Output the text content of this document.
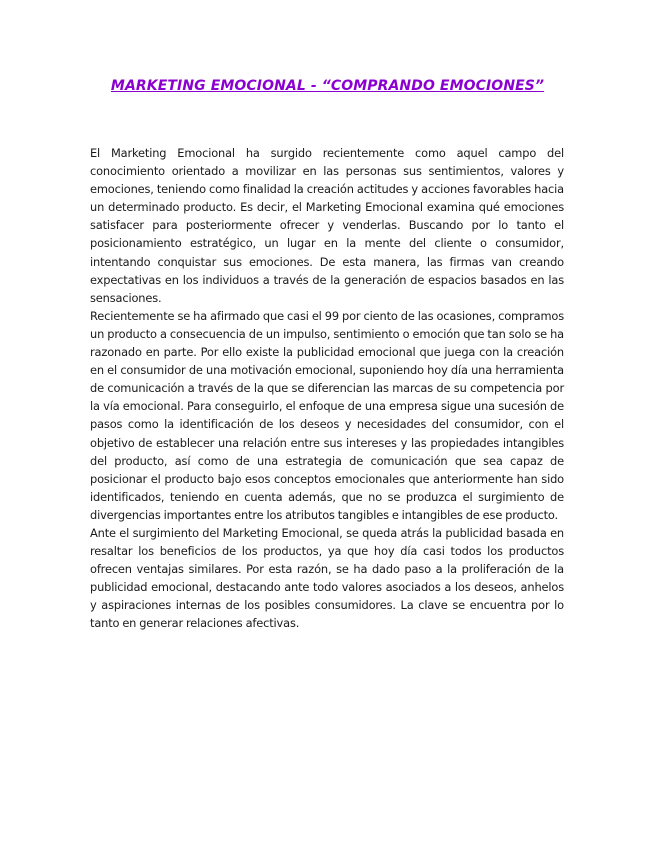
MARKETING EMOCIONAL - “COMPRANDO EMOCIONES”

El Marketing Emocional ha surgido recientemente como aquel campo del conocimiento orientado a movilizar en las personas sus sentimientos, valores y emociones, teniendo como finalidad la creación actitudes y acciones favorables hacia un determinado producto. Es decir, el Marketing Emocional examina qué emociones satisfacer para posteriormente ofrecer y venderlas. Buscando por lo tanto el posicionamiento estratégico, un lugar en la mente del cliente o consumidor, intentando conquistar sus emociones. De esta manera, las firmas van creando expectativas en los individuos a través de la generación de espacios basados en las sensaciones.

Recientemente se ha afirmado que casi el 99 por ciento de las ocasiones, compramos un producto a consecuencia de un impulso, sentimiento o emoción que tan solo se ha razonado en parte. Por ello existe la publicidad emocional que juega con la creación en el consumidor de una motivación emocional, suponiendo hoy día una herramienta de comunicación a través de la que se diferencian las marcas de su competencia por la vía emocional. Para conseguirlo, el enfoque de una empresa sigue una sucesión de pasos como la identificación de los deseos y necesidades del consumidor, con el objetivo de establecer una relación entre sus intereses y las propiedades intangibles del producto, así como de una estrategia de comunicación que sea capaz de posicionar el producto bajo esos conceptos emocionales que anteriormente han sido identificados, teniendo en cuenta además, que no se produzca el surgimiento de divergencias importantes entre los atributos tangibles e intangibles de ese producto.

Ante el surgimiento del Marketing Emocional, se queda atrás la publicidad basada en resaltar los beneficios de los productos, ya que hoy día casi todos los productos ofrecen ventajas similares. Por esta razón, se ha dado paso a la proliferación de la publicidad emocional, destacando ante todo valores asociados a los deseos, anhelos y aspiraciones internas de los posibles consumidores. La clave se encuentra por lo tanto en generar relaciones afectivas.
